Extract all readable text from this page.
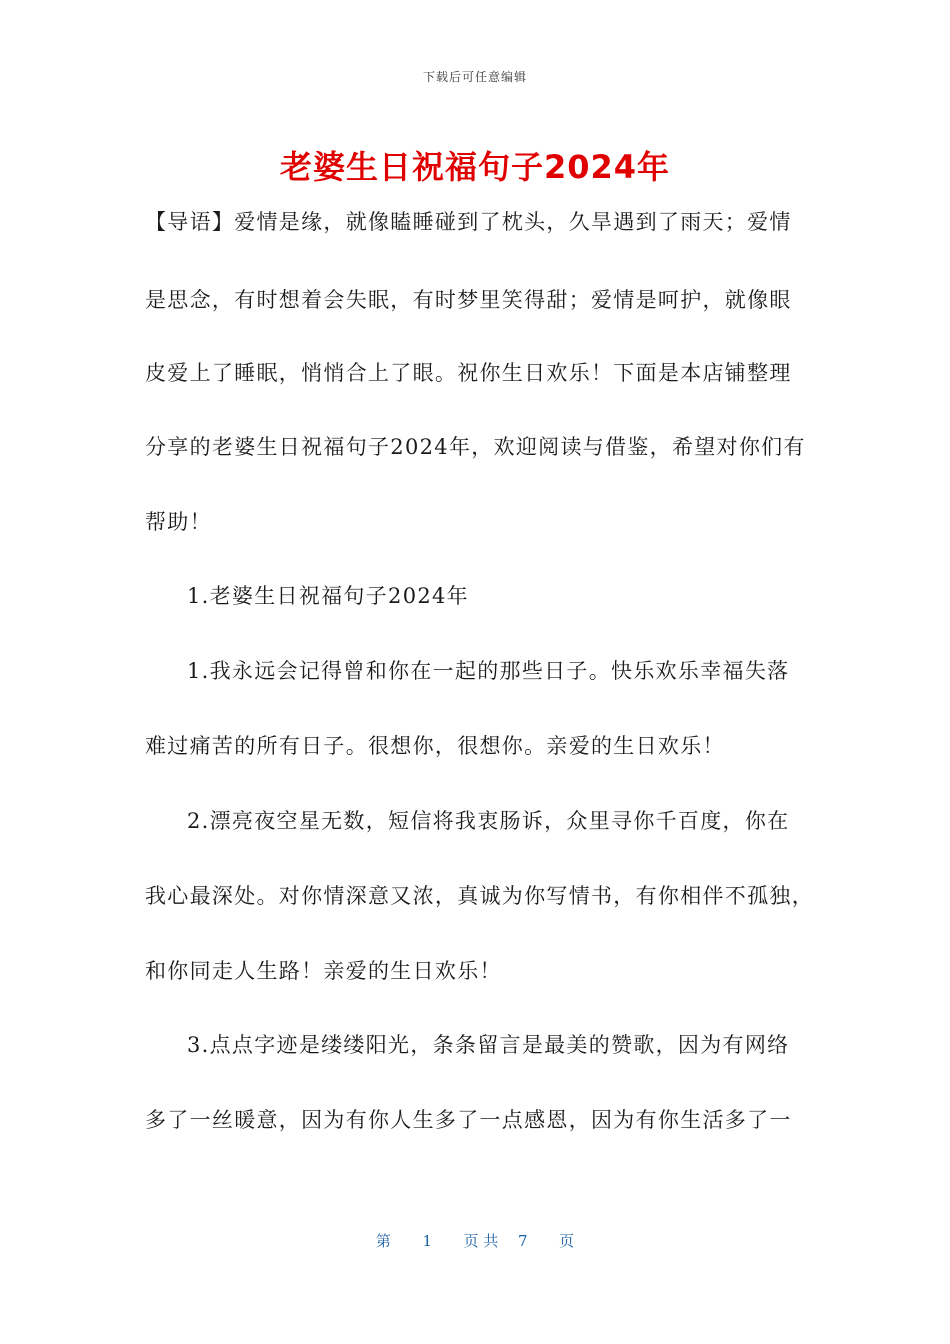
下载后可任意编辑
老婆生日祝福句子2024年
【导语】爱情是缘，就像瞌睡碰到了枕头，久旱遇到了雨天；爱情
是思念，有时想着会失眠，有时梦里笑得甜；爱情是呵护，就像眼
皮爱上了睡眠，悄悄合上了眼。祝你生日欢乐！下面是本店铺整理
分享的老婆生日祝福句子2024年，欢迎阅读与借鉴，希望对你们有
帮助！
1.老婆生日祝福句子2024年
1.我永远会记得曾和你在一起的那些日子。快乐欢乐幸福失落
难过痛苦的所有日子。很想你，很想你。亲爱的生日欢乐！
2.漂亮夜空星无数，短信将我衷肠诉，众里寻你千百度，你在
我心最深处。对你情深意又浓，真诚为你写情书，有你相伴不孤独，
和你同走人生路！亲爱的生日欢乐！
3.点点字迹是缕缕阳光，条条留言是最美的赞歌，因为有网络
多了一丝暖意，因为有你人生多了一点感恩，因为有你生活多了一
第 1 页 共 7 页
